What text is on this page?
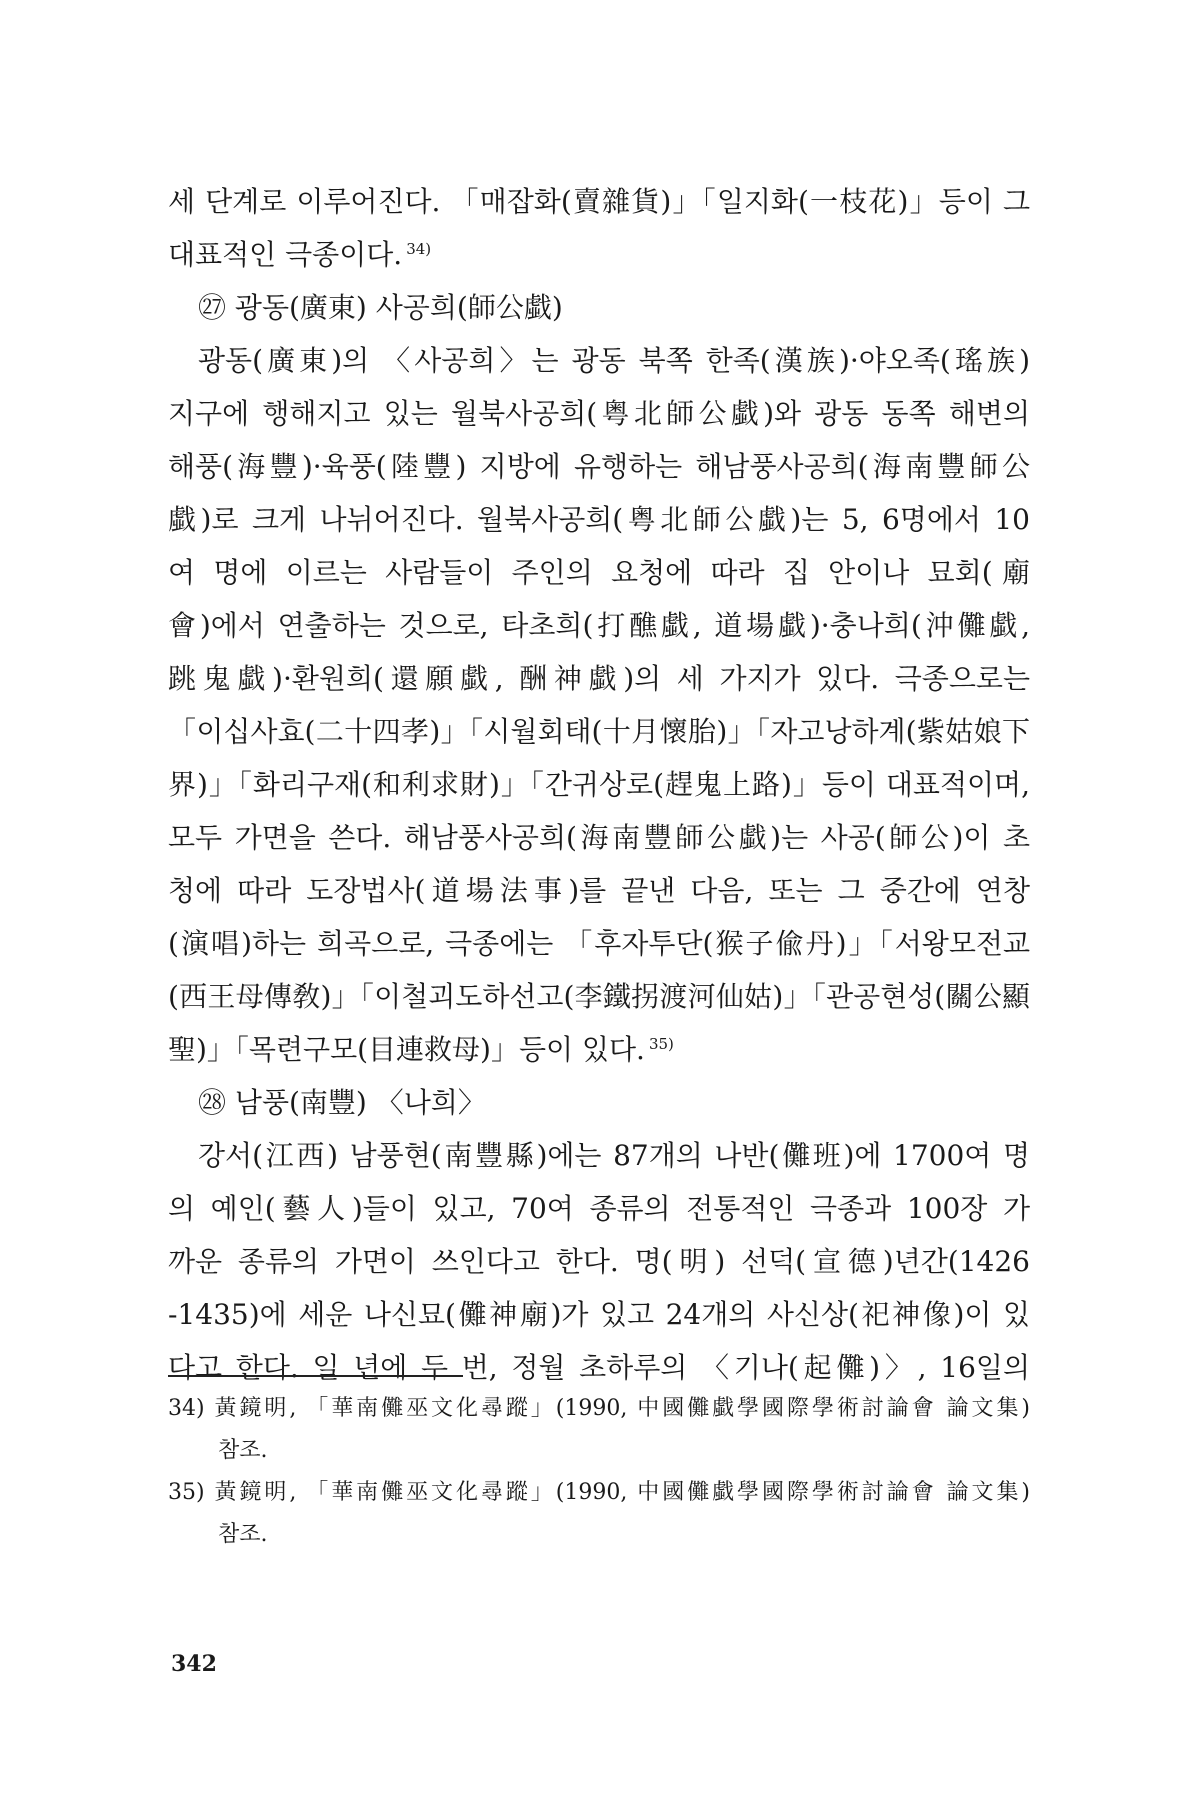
세 단계로 이루어진다. 「매잡화(賣雜貨)」「일지화(一枝花)」등이 그
대표적인 극종이다. $^{34)}$
㉗ 광동(廣東) 사공희(師公戱)
광동(廣東)의 〈사공희〉는 광동 북쪽 한족(漢族)·야오족(瑤族)
지구에 행해지고 있는 월북사공희(粤北師公戱)와 광동 동쪽 해변의
해풍(海豐)·육풍(陸豐) 지방에 유행하는 해남풍사공희(海南豐師公
戱)로 크게 나뉘어진다. 월북사공희(粤北師公戱)는 5, 6명에서 10
여 명에 이르는 사람들이 주인의 요청에 따라 집 안이나 묘회(廟
會)에서 연출하는 것으로, 타초희(打醮戱, 道場戱)·충나희(沖儺戱,
跳鬼戱)·환원희(還願戱, 酬神戱)의 세 가지가 있다. 극종으로는
「이십사효(二十四孝)」「시월회태(十月懷胎)」「자고낭하계(紫姑娘下
界)」「화리구재(和利求財)」「간귀상로(趕鬼上路)」등이 대표적이며,
모두 가면을 쓴다. 해남풍사공희(海南豐師公戱)는 사공(師公)이 초
청에 따라 도장법사(道場法事)를 끝낸 다음, 또는 그 중간에 연창
(演唱)하는 희곡으로, 극종에는 「후자투단(猴子偸丹)」「서왕모전교
(西王母傳敎)」「이철괴도하선고(李鐵拐渡河仙姑)」「관공현성(關公顯
聖)」「목련구모(目連救母)」등이 있다. $^{35)}$
㉘ 남풍(南豐) 〈나희〉
강서(江西) 남풍현(南豐縣)에는 87개의 나반(儺班)에 1700여 명
의 예인(藝人)들이 있고, 70여 종류의 전통적인 극종과 100장 가
까운 종류의 가면이 쓰인다고 한다. 명(明) 선덕(宣德)년간(1426
-1435)에 세운 나신묘(儺神廟)가 있고 24개의 사신상(祀神像)이 있
다고 한다. 일 년에 두 번, 정월 초하루의 〈기나(起儺)〉, 16일의
34) 黃鏡明, 「華南儺巫文化尋蹤」(1990, 中國儺戱學國際學術討論會 論文集)
참조.
35) 黃鏡明, 「華南儺巫文化尋蹤」(1990, 中國儺戱學國際學術討論會 論文集)
참조.
342
